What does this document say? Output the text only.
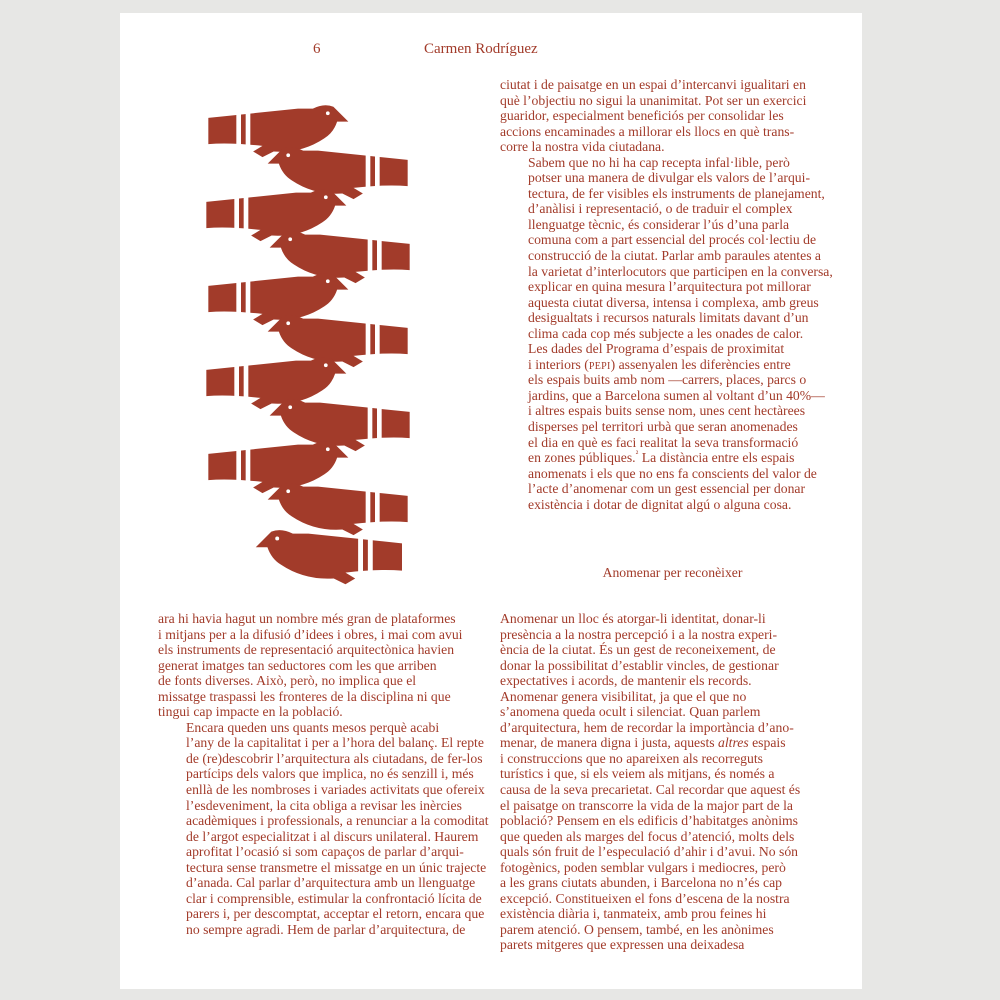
6	Carmen Rodríguez

ciutat i de paisatge en un espai d’intercanvi igualitari en
què l’objectiu no sigui la unanimitat. Pot ser un exercici
guaridor, especialment beneficiós per consolidar les
accions encaminades a millorar els llocs en què trans-
corre la nostra vida ciutadana.

Sabem que no hi ha cap recepta infal·lible, però
potser una manera de divulgar els valors de l’arqui-
tectura, de fer visibles els instruments de planejament,
d’anàlisi i representació, o de traduir el complex
llenguatge tècnic, és considerar l’ús d’una parla
comuna com a part essencial del procés col·lectiu de
construcció de la ciutat. Parlar amb paraules atentes a
la varietat d’interlocutors que participen en la conversa,
explicar en quina mesura l’arquitectura pot millorar
aquesta ciutat diversa, intensa i complexa, amb greus
desigualtats i recursos naturals limitats davant d’un
clima cada cop més subjecte a les onades de calor.

Les dades del Programa d’espais de proximitat
i interiors (pepi) assenyalen les diferències entre
els espais buits amb nom —carrers, places, parcs o
jardins, que a Barcelona sumen al voltant d’un 40%—
i altres espais buits sense nom, unes cent hectàrees
disperses pel territori urbà que seran anomenades
el dia en què es faci realitat la seva transformació
en zones públiques.$^{^2}$ La distància entre els espais
anomenats i els que no ens fa conscients del valor de
l’acte d’anomenar com un gest essencial per donar
existència i dotar de dignitat algú o alguna cosa.

Anomenar per reconèixer

ara hi havia hagut un nombre més gran de plataformes
i mitjans per a la difusió d’idees i obres, i mai com avui
els instruments de representació arquitectònica havien
generat imatges tan seductores com les que arriben
de fonts diverses. Això, però, no implica que el
missatge traspassi les fronteres de la disciplina ni que
tingui cap impacte en la població.

Encara queden uns quants mesos perquè acabi
l’any de la capitalitat i per a l’hora del balanç. El repte
de (re)descobrir l’arquitectura als ciutadans, de fer-los
partícips dels valors que implica, no és senzill i, més
enllà de les nombroses i variades activitats que ofereix
l’esdeveniment, la cita obliga a revisar les inèrcies
acadèmiques i professionals, a renunciar a la comoditat
de l’argot especialitzat i al discurs unilateral. Haurem
aprofitat l’ocasió si som capaços de parlar d’arqui-
tectura sense transmetre el missatge en un únic trajecte
d’anada. Cal parlar d’arquitectura amb un llenguatge
clar i comprensible, estimular la confrontació lícita de
parers i, per descomptat, acceptar el retorn, encara que
no sempre agradi. Hem de parlar d’arquitectura, de

Anomenar un lloc és atorgar-li identitat, donar-li
presència a la nostra percepció i a la nostra experi-
ència de la ciutat. És un gest de reconeixement, de
donar la possibilitat d’establir vincles, de gestionar
expectatives i acords, de mantenir els records.
Anomenar genera visibilitat, ja que el que no
s’anomena queda ocult i silenciat. Quan parlem
d’arquitectura, hem de recordar la importància d’ano-
menar, de manera digna i justa, aquests altres espais
i construccions que no apareixen als recorreguts
turístics i que, si els veiem als mitjans, és només a
causa de la seva precarietat. Cal recordar que aquest és
el paisatge on transcorre la vida de la major part de la
població? Pensem en els edificis d’habitatges anònims
que queden als marges del focus d’atenció, molts dels
quals són fruit de l’especulació d’ahir i d’avui. No són
fotogènics, poden semblar vulgars i mediocres, però
a les grans ciutats abunden, i Barcelona no n’és cap
excepció. Constitueixen el fons d’escena de la nostra
existència diària i, tanmateix, amb prou feines hi
parem atenció. O pensem, també, en les anònimes
parets mitgeres que expressen una deixadesa
